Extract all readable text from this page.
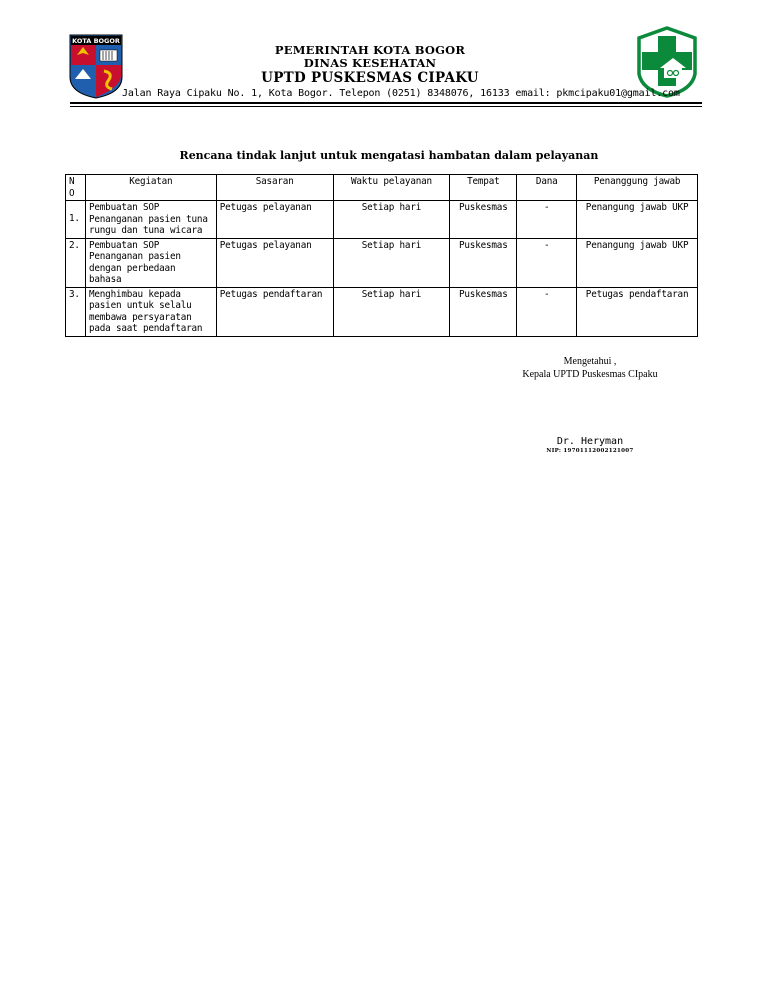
KOTA BOGOR
PEMERINTAH KOTA BOGOR
DINAS KESEHATAN
UPTD PUSKESMAS CIPAKU
Jalan Raya Cipaku No. 1, Kota Bogor. Telepon (0251) 8348076, 16133 email: pkmcipaku01@gmail.com
Rencana tindak lanjut untuk mengatasi hambatan dalam pelayanan
N O	Kegiatan	Sasaran	Waktu pelayanan	Tempat	Dana	Penanggung jawab
1.	Pembuatan SOP Penanganan pasien tuna rungu dan tuna wicara	Petugas pelayanan	Setiap hari	Puskesmas	-	Penangung jawab UKP
2.	Pembuatan SOP Penanganan pasien dengan perbedaan bahasa	Petugas pelayanan	Setiap hari	Puskesmas	-	Penangung jawab UKP
3.	Menghimbau kepada pasien untuk selalu membawa persyaratan pada saat pendaftaran	Petugas pendaftaran	Setiap hari	Puskesmas	-	Petugas pendaftaran
Mengetahui ,
Kepala UPTD Puskesmas CIpaku
Dr. Heryman
NIP: 19701112002121007
